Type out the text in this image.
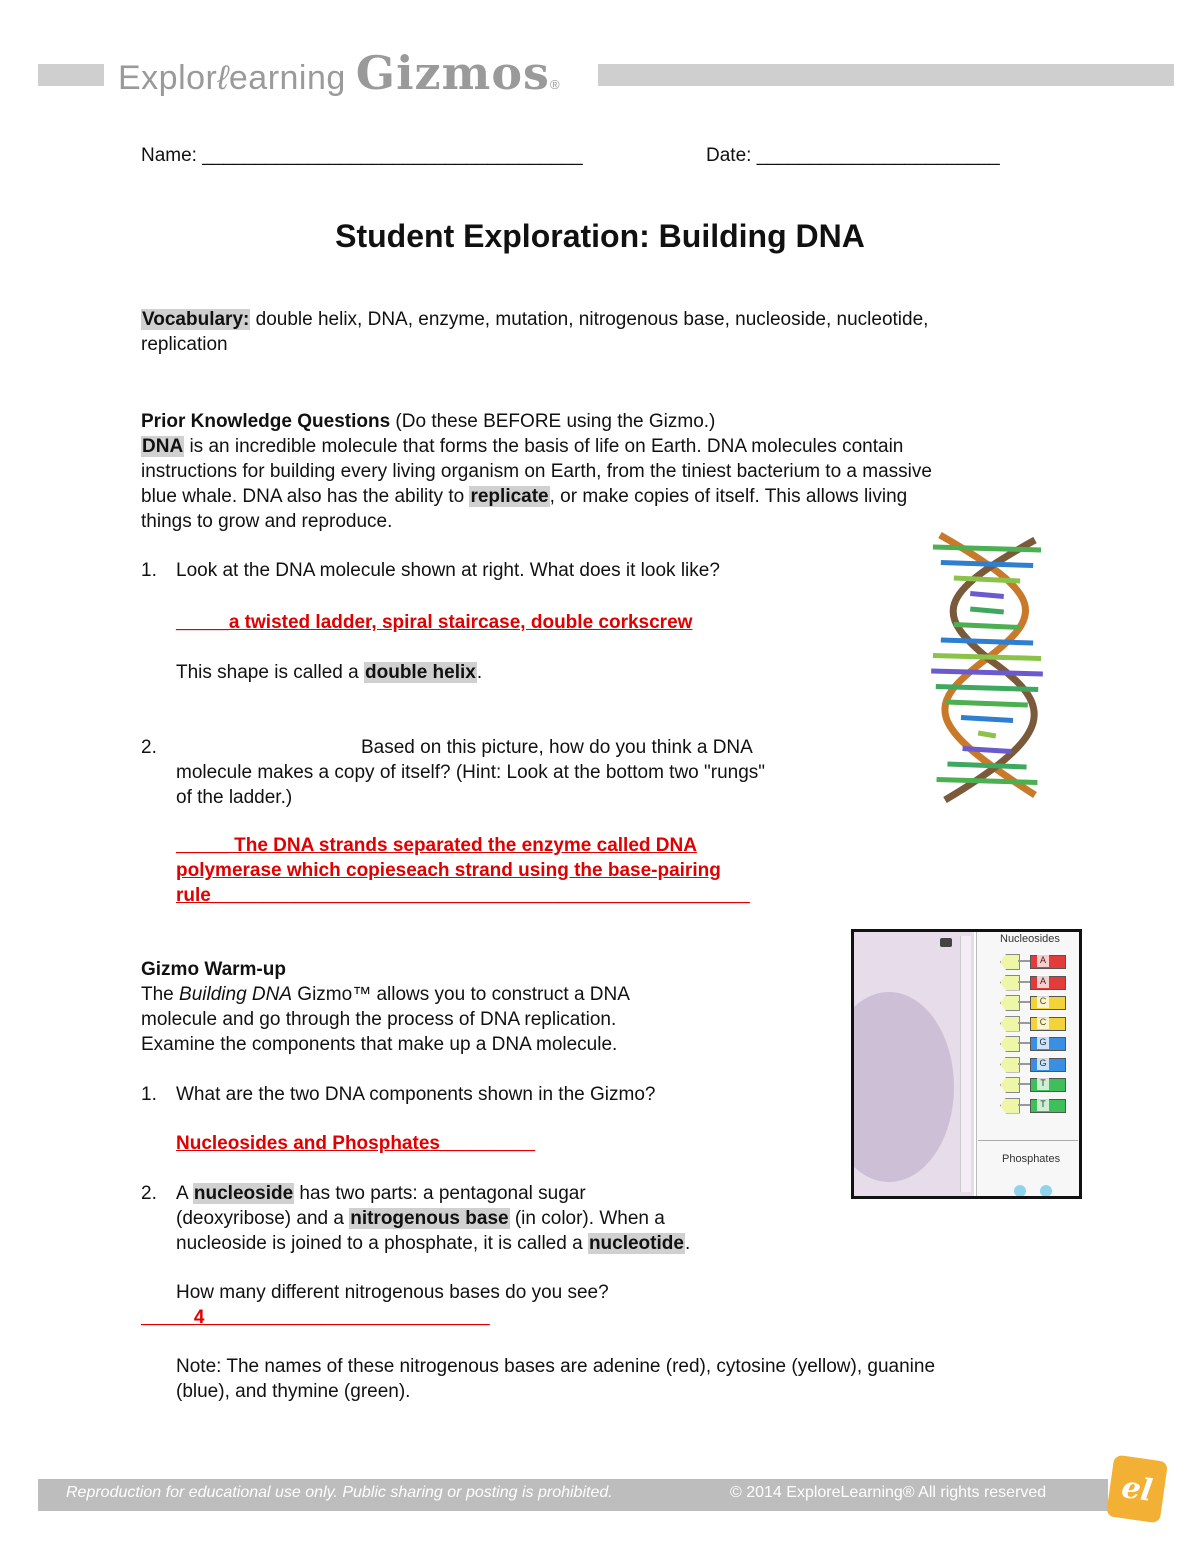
Explor ℓ earning Gizmos ®
Name: ____________________________________	Date: _______________________
Student Exploration: Building DNA
Vocabulary: double helix, DNA, enzyme, mutation, nitrogenous base, nucleoside, nucleotide,
replication
Prior Knowledge Questions (Do these BEFORE using the Gizmo.)
DNA is an incredible molecule that forms the basis of life on Earth. DNA molecules contain
instructions for building every living organism on Earth, from the tiniest bacterium to a massive
blue whale. DNA also has the ability to replicate, or make copies of itself. This allows living
things to grow and reproduce.
1. Look at the DNA molecule shown at right. What does it look like?
_____a twisted ladder, spiral staircase, double corkscrew
This shape is called a double helix.
2.	Based on this picture, how do you think a DNA
molecule makes a copy of itself? (Hint: Look at the bottom two "rungs"
of the ladder.)
_____ The DNA strands separated the enzyme called DNA
polymerase which copieseach strand using the base-pairing
rule___________________________________________________
Gizmo Warm-up
The Building DNA Gizmo™ allows you to construct a DNA
molecule and go through the process of DNA replication.
Examine the components that make up a DNA molecule.
1. What are the two DNA components shown in the Gizmo?
Nucleosides and Phosphates_________
2. A nucleoside has two parts: a pentagonal sugar
(deoxyribose) and a nitrogenous base (in color). When a
nucleoside is joined to a phosphate, it is called a nucleotide.
How many different nitrogenous bases do you see?
_____4___________________________
Note: The names of these nitrogenous bases are adenine (red), cytosine (yellow), guanine
(blue), and thymine (green).
Nucleosides
A
A
C
C
G
G
T
T
Phosphates
Reproduction for educational use only. Public sharing or posting is prohibited.	© 2014 ExploreLearning® All rights reserved el
